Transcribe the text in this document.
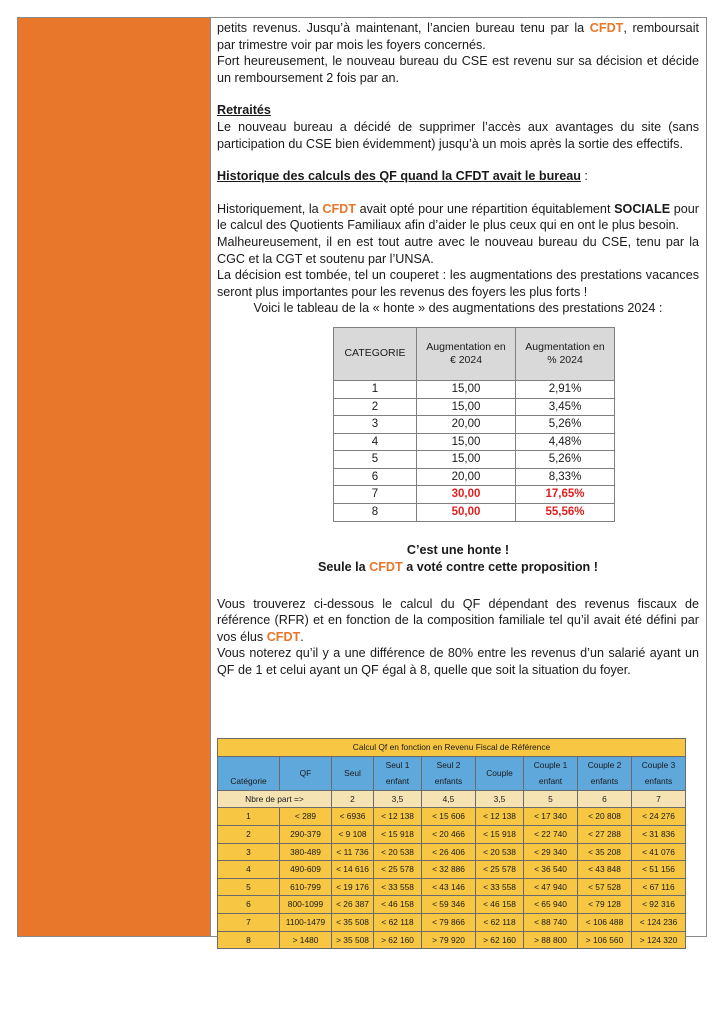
petits revenus. Jusqu’à maintenant, l’ancien bureau tenu par la CFDT, remboursait par trimestre voir par mois les foyers concernés.

Fort heureusement, le nouveau bureau du CSE est revenu sur sa décision et décide un remboursement 2 fois par an.

Retraités

Le nouveau bureau a décidé de supprimer l’accès aux avantages du site (sans participation du CSE bien évidemment) jusqu’à un mois après la sortie des effectifs.

Historique des calculs des QF quand la CFDT avait le bureau :

Historiquement, la CFDT avait opté pour une répartition équitablement SOCIALE pour le calcul des Quotients Familiaux afin d’aider le plus ceux qui en ont le plus besoin.

Malheureusement, il en est tout autre avec le nouveau bureau du CSE, tenu par la CGC et la CGT et soutenu par l’UNSA.

La décision est tombée, tel un couperet : les augmentations des prestations vacances seront plus importantes pour les revenus des foyers les plus forts !

Voici le tableau de la « honte » des augmentations des prestations 2024 :

CATEGORIE	Augmentation en € 2024	Augmentation en % 2024
1	15,00	2,91%
2	15,00	3,45%
3	20,00	5,26%
4	15,00	4,48%
5	15,00	5,26%
6	20,00	8,33%
7	30,00	17,65%
8	50,00	55,56%
C’est une honte !
Seule la CFDT a voté contre cette proposition !

Vous trouverez ci-dessous le calcul du QF dépendant des revenus fiscaux de référence (RFR) et en fonction de la composition familiale tel qu’il avait été défini par vos élus CFDT.

Vous noterez qu’il y a une différence de 80% entre les revenus d’un salarié ayant un QF de 1 et celui ayant un QF égal à 8, quelle que soit la situation du foyer.

Calcul Qf en fonction en Revenu Fiscal de Référence								
Catégorie	QF	Seul	Seul 1 enfant	Seul 2 enfants	Couple	Couple 1 enfant	Couple 2 enfants	Couple 3 enfants
Nbre de part =>		2	3,5	4,5	3,5	5	6	7
1	< 289	< 6936	< 12 138	< 15 606	< 12 138	< 17 340	< 20 808	< 24 276
2	290-379	< 9 108	< 15 918	< 20 466	< 15 918	< 22 740	< 27 288	< 31 836
3	380-489	< 11 736	< 20 538	< 26 406	< 20 538	< 29 340	< 35 208	< 41 076
4	490-609	< 14 616	< 25 578	< 32 886	< 25 578	< 36 540	< 43 848	< 51 156
5	610-799	< 19 176	< 33 558	< 43 146	< 33 558	< 47 940	< 57 528	< 67 116
6	800-1099	< 26 387	< 46 158	< 59 346	< 46 158	< 65 940	< 79 128	< 92 316
7	1100-1479	< 35 508	< 62 118	< 79 866	< 62 118	< 88 740	< 106 488	< 124 236
8	> 1480	> 35 508	> 62 160	> 79 920	> 62 160	> 88 800	> 106 560	> 124 320
